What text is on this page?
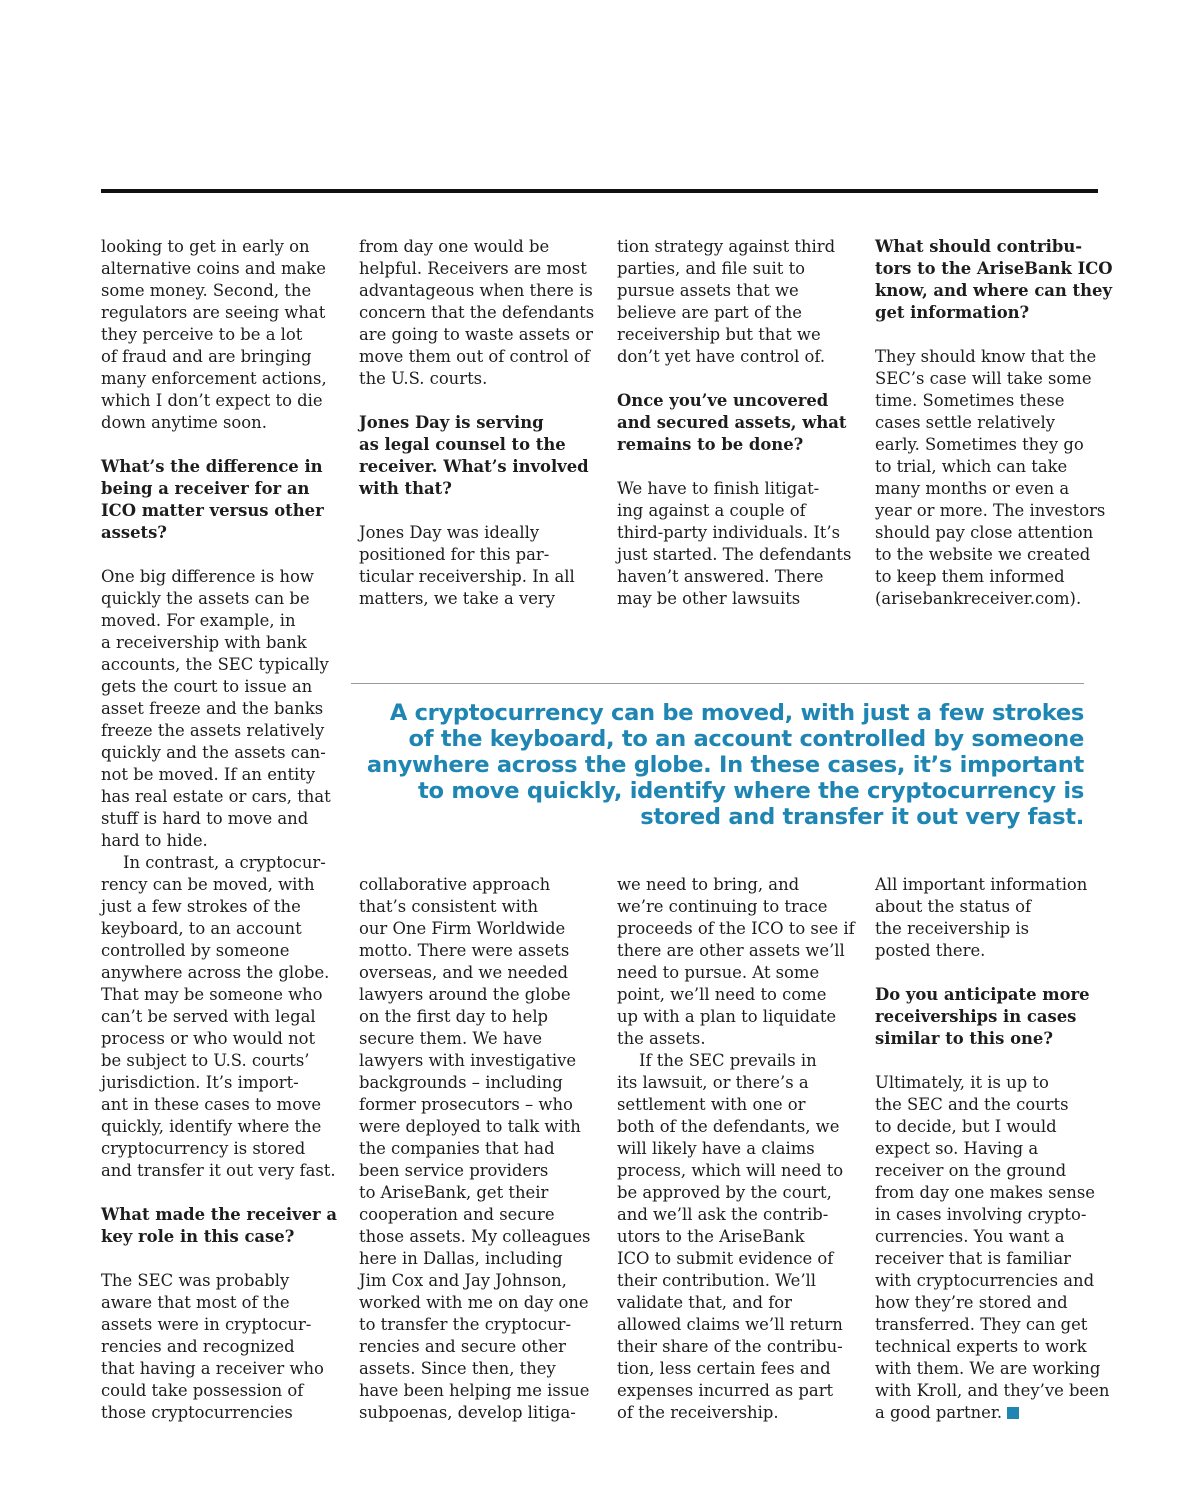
looking to get in early on

alternative coins and make

some money. Second, the

regulators are seeing what

they perceive to be a lot

of fraud and are bringing

many enforcement actions,

which I don’t expect to die

down anytime soon.

What’s the difference in

being a receiver for an

ICO matter versus other

assets?

One big difference is how

quickly the assets can be

moved. For example, in

a receivership with bank

accounts, the SEC typically

gets the court to issue an

asset freeze and the banks

freeze the assets relatively

quickly and the assets can-

not be moved. If an entity

has real estate or cars, that

stuff is hard to move and

hard to hide.

In contrast, a cryptocur-

rency can be moved, with

just a few strokes of the

keyboard, to an account

controlled by someone

anywhere across the globe.

That may be someone who

can’t be served with legal

process or who would not

be subject to U.S. courts’

jurisdiction. It’s import-

ant in these cases to move

quickly, identify where the

cryptocurrency is stored

and transfer it out very fast.

What made the receiver a

key role in this case?

The SEC was probably

aware that most of the

assets were in cryptocur-

rencies and recognized

that having a receiver who

could take possession of

those cryptocurrencies

from day one would be

helpful. Receivers are most

advantageous when there is

concern that the defendants

are going to waste assets or

move them out of control of

the U.S. courts.

Jones Day is serving

as legal counsel to the

receiver. What’s involved

with that?

Jones Day was ideally

positioned for this par-

ticular receivership. In all

matters, we take a very

tion strategy against third

parties, and file suit to

pursue assets that we

believe are part of the

receivership but that we

don’t yet have control of.

Once you’ve uncovered

and secured assets, what

remains to be done?

We have to finish litigat-

ing against a couple of

third-party individuals. It’s

just started. The defendants

haven’t answered. There

may be other lawsuits

What should contribu-

tors to the AriseBank ICO

know, and where can they

get information?

They should know that the

SEC’s case will take some

time. Sometimes these

cases settle relatively

early. Sometimes they go

to trial, which can take

many months or even a

year or more. The investors

should pay close attention

to the website we created

to keep them informed

(arisebankreceiver.com).

A cryptocurrency can be moved, with just a few strokes
of the keyboard, to an account controlled by someone
anywhere across the globe. In these cases, it’s important
to move quickly, identify where the cryptocurrency is
stored and transfer it out very fast.

collaborative approach

that’s consistent with

our One Firm Worldwide

motto. There were assets

overseas, and we needed

lawyers around the globe

on the first day to help

secure them. We have

lawyers with investigative

backgrounds – including

former prosecutors – who

were deployed to talk with

the companies that had

been service providers

to AriseBank, get their

cooperation and secure

those assets. My colleagues

here in Dallas, including

Jim Cox and Jay Johnson,

worked with me on day one

to transfer the cryptocur-

rencies and secure other

assets. Since then, they

have been helping me issue

subpoenas, develop litiga-

we need to bring, and

we’re continuing to trace

proceeds of the ICO to see if

there are other assets we’ll

need to pursue. At some

point, we’ll need to come

up with a plan to liquidate

the assets.

If the SEC prevails in

its lawsuit, or there’s a

settlement with one or

both of the defendants, we

will likely have a claims

process, which will need to

be approved by the court,

and we’ll ask the contrib-

utors to the AriseBank

ICO to submit evidence of

their contribution. We’ll

validate that, and for

allowed claims we’ll return

their share of the contribu-

tion, less certain fees and

expenses incurred as part

of the receivership.

All important information

about the status of

the receivership is

posted there.

Do you anticipate more

receiverships in cases

similar to this one?

Ultimately, it is up to

the SEC and the courts

to decide, but I would

expect so. Having a

receiver on the ground

from day one makes sense

in cases involving crypto-

currencies. You want a

receiver that is familiar

with cryptocurrencies and

how they’re stored and

transferred. They can get

technical experts to work

with them. We are working

with Kroll, and they’ve been

a good partner.
